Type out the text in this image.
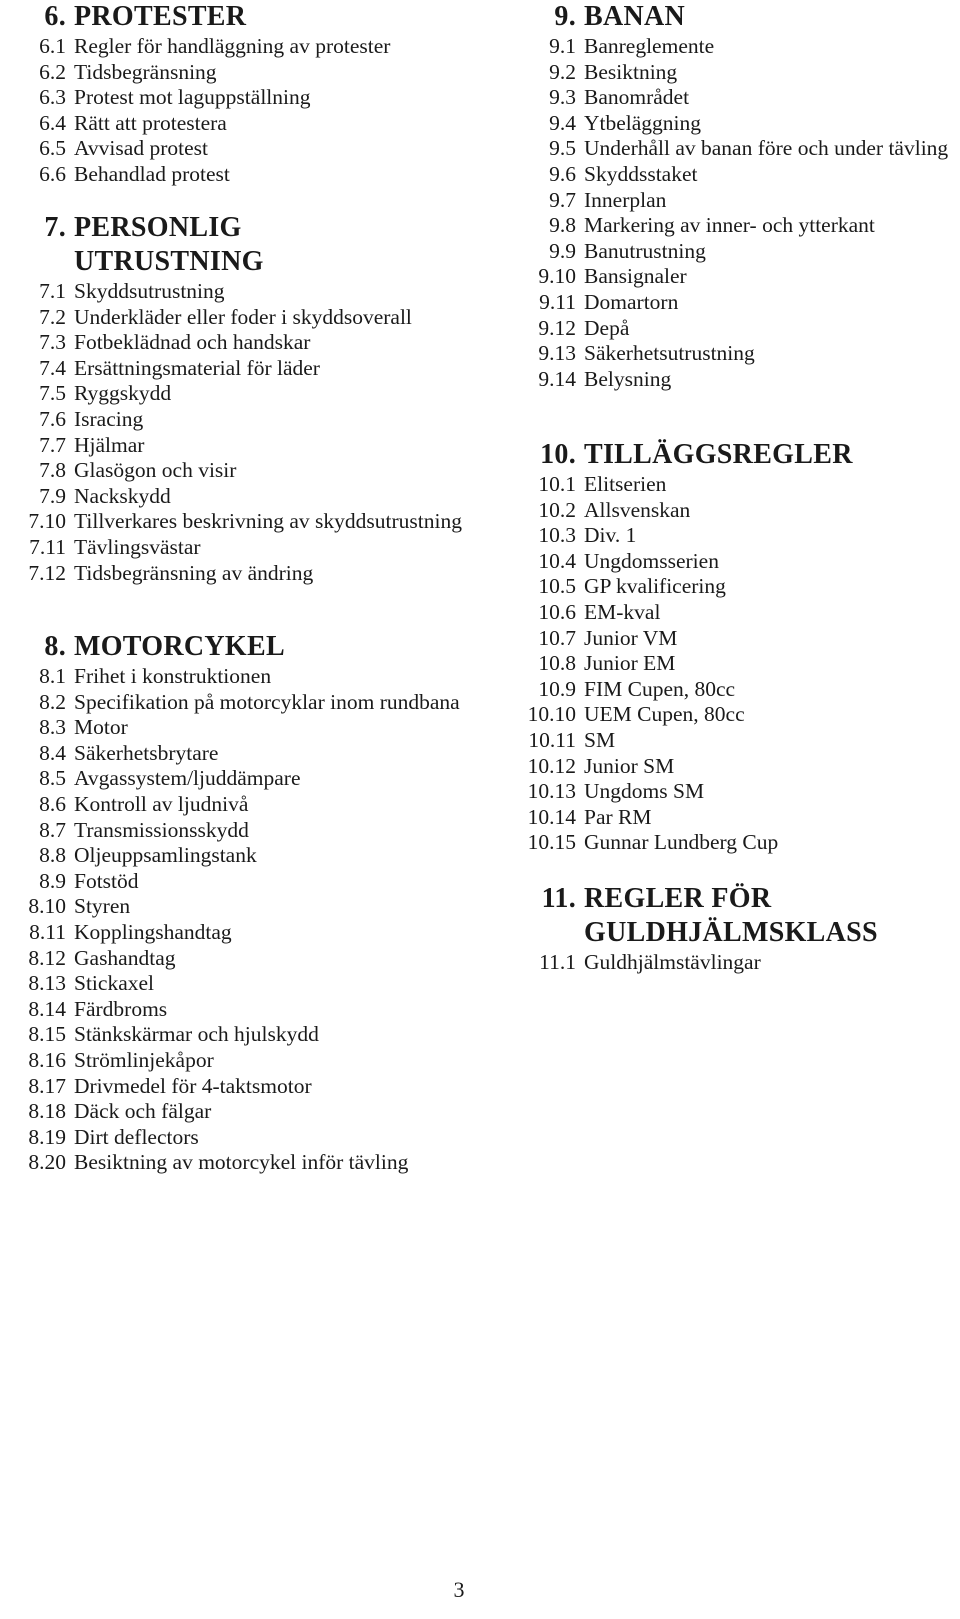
6. PROTESTER
6.1 Regler för handläggning av protester
6.2 Tidsbegränsning
6.3 Protest mot laguppställning
6.4 Rätt att protestera
6.5 Avvisad protest
6.6 Behandlad protest
7. PERSONLIG UTRUSTNING
7.1 Skyddsutrustning
7.2 Underkläder eller foder i skyddsoverall
7.3 Fotbeklädnad och handskar
7.4 Ersättningsmaterial för läder
7.5 Ryggskydd
7.6 Isracing
7.7 Hjälmar
7.8 Glasögon och visir
7.9 Nackskydd
7.10 Tillverkares beskrivning av skyddsutrustning
7.11 Tävlingsvästar
7.12 Tidsbegränsning av ändring
8. MOTORCYKEL
8.1 Frihet i konstruktionen
8.2 Specifikation på motorcyklar inom rundbana
8.3 Motor
8.4 Säkerhetsbrytare
8.5 Avgassystem/ljuddämpare
8.6 Kontroll av ljudnivå
8.7 Transmissionsskydd
8.8 Oljeuppsamlingstank
8.9 Fotstöd
8.10 Styren
8.11 Kopplingshandtag
8.12 Gashandtag
8.13 Stickaxel
8.14 Färdbroms
8.15 Stänkskärmar och hjulskydd
8.16 Strömlinjekåpor
8.17 Drivmedel för 4-taktsmotor
8.18 Däck och fälgar
8.19 Dirt deflectors
8.20 Besiktning av motorcykel inför tävling
9. BANAN
9.1 Banreglemente
9.2 Besiktning
9.3 Banområdet
9.4 Ytbeläggning
9.5 Underhåll av banan före och under tävling
9.6 Skyddsstaket
9.7 Innerplan
9.8 Markering av inner- och ytterkant
9.9 Banutrustning
9.10 Bansignaler
9.11 Domartorn
9.12 Depå
9.13 Säkerhetsutrustning
9.14 Belysning
10. TILLÄGGSREGLER
10.1 Elitserien
10.2 Allsvenskan
10.3 Div. 1
10.4 Ungdomsserien
10.5 GP kvalificering
10.6 EM-kval
10.7 Junior VM
10.8 Junior EM
10.9 FIM Cupen, 80cc
10.10 UEM Cupen, 80cc
10.11 SM
10.12 Junior SM
10.13 Ungdoms SM
10.14 Par RM
10.15 Gunnar Lundberg Cup
11. REGLER FÖR GULDHJÄLMSKLASS
11.1 Guldhjälmstävlingar
3
